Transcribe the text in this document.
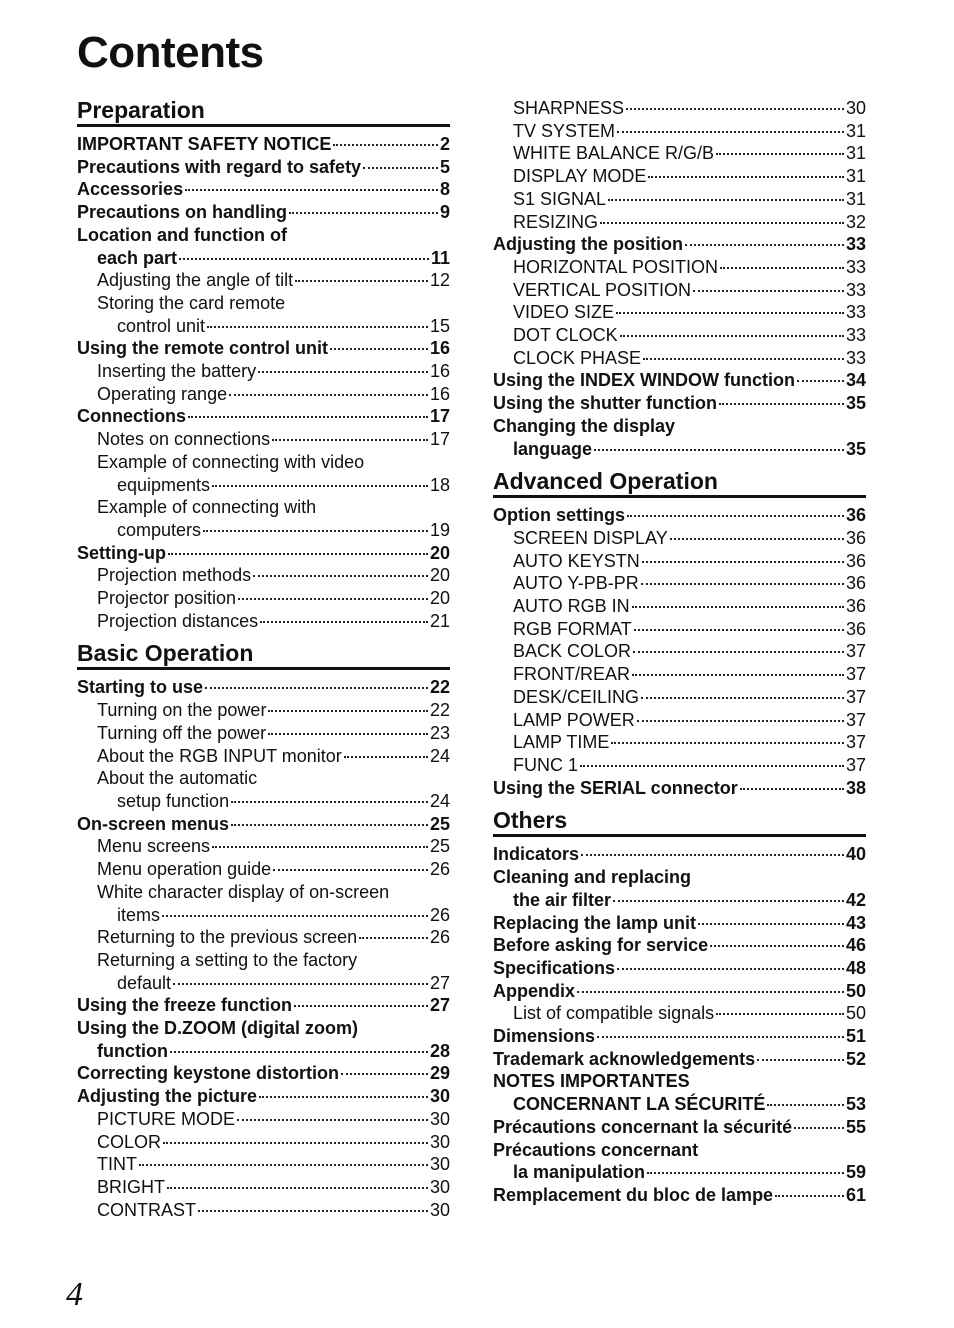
Contents
Preparation
IMPORTANT SAFETY NOTICE	2
Precautions with regard to safety	5
Accessories	8
Precautions on handling	9
Location and function of
each part	11
Adjusting the angle of tilt	12
Storing the card remote
control unit	15
Using the remote control unit	16
Inserting the battery	16
Operating range	16
Connections	17
Notes on connections	17
Example of connecting with video
equipments	18
Example of connecting with
computers	19
Setting-up	20
Projection methods	20
Projector position	20
Projection distances	21
Basic Operation
Starting to use	22
Turning on the power	22
Turning off the power	23
About the RGB INPUT monitor	24
About the automatic
setup function	24
On-screen menus	25
Menu screens	25
Menu operation guide	26
White character display of on-screen
items	26
Returning to the previous screen	26
Returning a setting to the factory
default	27
Using the freeze function	27
Using the D.ZOOM (digital zoom)
function	28
Correcting keystone distortion	29
Adjusting the picture	30
PICTURE MODE	30
COLOR	30
TINT	30
BRIGHT	30
CONTRAST	30
SHARPNESS	30
TV SYSTEM	31
WHITE BALANCE R/G/B	31
DISPLAY MODE	31
S1 SIGNAL	31
RESIZING	32
Adjusting the position	33
HORIZONTAL POSITION	33
VERTICAL POSITION	33
VIDEO SIZE	33
DOT CLOCK	33
CLOCK PHASE	33
Using the INDEX WINDOW function	34
Using the shutter function	35
Changing the display
language	35
Advanced Operation
Option settings	36
SCREEN DISPLAY	36
AUTO KEYSTN	36
AUTO Y-PB-PR	36
AUTO RGB IN	36
RGB FORMAT	36
BACK COLOR	37
FRONT/REAR	37
DESK/CEILING	37
LAMP POWER	37
LAMP TIME	37
FUNC 1	37
Using the SERIAL connector	38
Others
Indicators	40
Cleaning and replacing
the air filter	42
Replacing the lamp unit	43
Before asking for service	46
Specifications	48
Appendix	50
List of compatible signals	50
Dimensions	51
Trademark acknowledgements	52
NOTES IMPORTANTES
CONCERNANT LA SÉCURITÉ	53
Précautions concernant la sécurité	55
Précautions concernant
la manipulation	59
Remplacement du bloc de lampe	61
4
